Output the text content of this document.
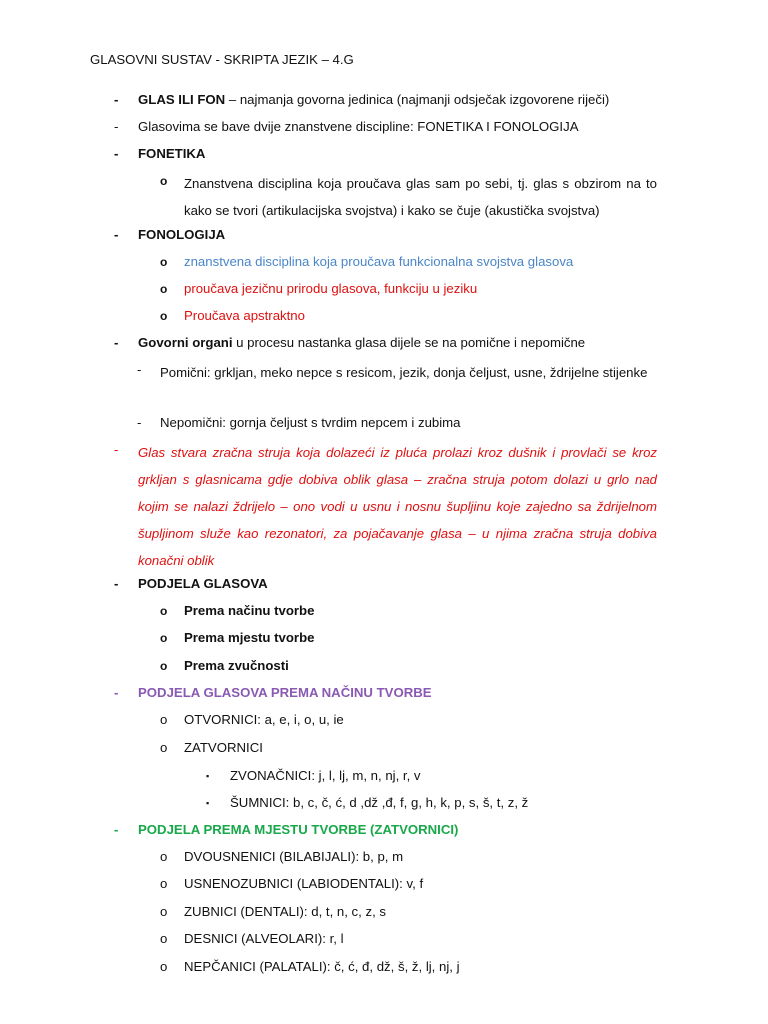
GLASOVNI SUSTAV - SKRIPTA JEZIK – 4.G
- GLAS ILI FON – najmanja govorna jedinica (najmanji odsječak izgovorene riječi)
- Glasovima se bave dvije znanstvene discipline: FONETIKA I FONOLOGIJA
- FONETIKA
o Znanstvena disciplina koja proučava glas sam po sebi, tj. glas s obzirom na to kako se tvori (artikulacijska svojstva) i kako se čuje (akustička svojstva)
- FONOLOGIJA
o znanstvena disciplina koja proučava funkcionalna svojstva glasova
o proučava jezičnu prirodu glasova, funkciju u jeziku
o Proučava apstraktno
- Govorni organi u procesu nastanka glasa dijele se na pomične i nepomične
- Pomični: grkljan, meko nepce s resicom, jezik, donja čeljust, usne, ždrijelne stijenke
- Nepomični: gornja čeljust s tvrdim nepcem i zubima
- Glas stvara zračna struja koja dolazeći iz pluća prolazi kroz dušnik i provlači se kroz grkljan s glasnicama gdje dobiva oblik glasa – zračna struja potom dolazi u grlo nad kojim se nalazi ždrijelo – ono vodi u usnu i nosnu šupljinu koje zajedno sa ždrijelnom šupljinom služe kao rezonatori, za pojačavanje glasa – u njima zračna struja dobiva konačni oblik
- PODJELA GLASOVA
o Prema načinu tvorbe
o Prema mjestu tvorbe
o Prema zvučnosti
- PODJELA GLASOVA PREMA NAČINU TVORBE
o OTVORNICI: a, e, i, o, u, ie
o ZATVORNICI
▪ ZVONAČNICI: j, l, lj, m, n, nj, r, v
▪ ŠUMNICI: b, c, č, ć, d ,dž ,đ, f, g, h, k, p, s, š, t, z, ž
- PODJELA PREMA MJESTU TVORBE (ZATVORNICI)
o DVOUSNENICI (BILABIJALI): b, p, m
o USNENOZUBNICI (LABIODENTALI): v, f
o ZUBNICI (DENTALI): d, t, n, c, z, s
o DESNICI (ALVEOLARI): r, l
o NEPČANICI (PALATALI): č, ć, đ, dž, š, ž, lj, nj, j
